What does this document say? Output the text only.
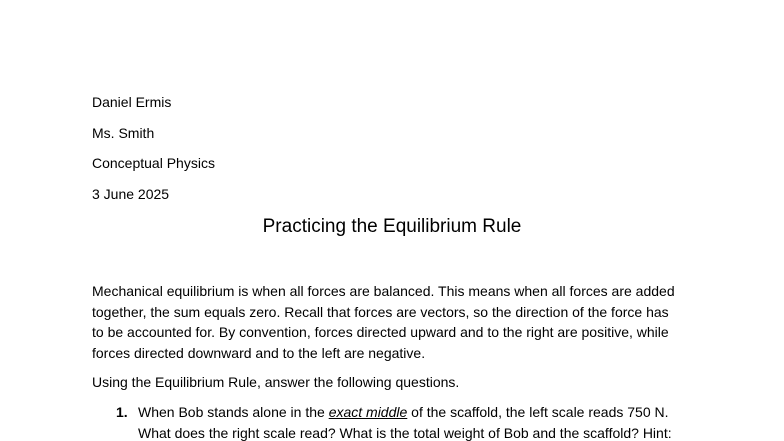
Daniel Ermis
Ms. Smith
Conceptual Physics
3 June 2025
Practicing the Equilibrium Rule
Mechanical equilibrium is when all forces are balanced. This means when all forces are added
together, the sum equals zero. Recall that forces are vectors, so the direction of the force has
to be accounted for. By convention, forces directed upward and to the right are positive, while
forces directed downward and to the left are negative.
Using the Equilibrium Rule, answer the following questions.
1. When Bob stands alone in the exact middle of the scaffold, the left scale reads 750 N.
What does the right scale read? What is the total weight of Bob and the scaffold? Hint:
